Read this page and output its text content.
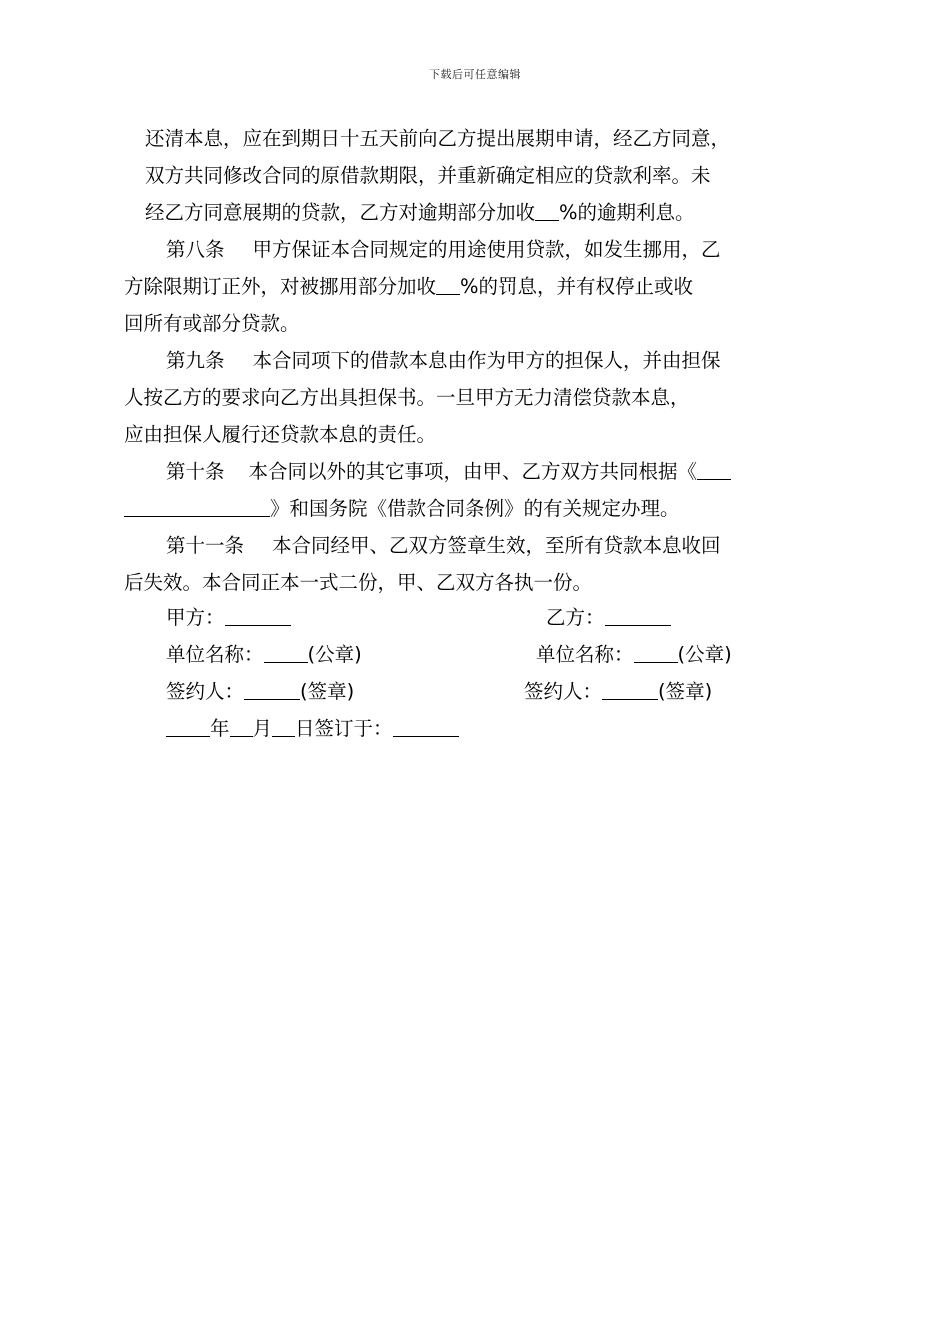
下载后可任意编辑

还清本息，应在到期日十五天前向乙方提出展期申请，经乙方同意，
双方共同修改合同的原借款期限，并重新确定相应的贷款利率。未
经乙方同意展期的贷款，乙方对逾期部分加收 %的逾期利息。

第八条 甲方保证本合同规定的用途使用贷款，如发生挪用，乙
方除限期订正外，对被挪用部分加收 %的罚息，并有权停止或收
回所有或部分贷款。

第九条 本合同项下的借款本息由作为甲方的担保人，并由担保
人按乙方的要求向乙方出具担保书。一旦甲方无力清偿贷款本息，
应由担保人履行还贷款本息的责任。

第十条 本合同以外的其它事项，由甲、乙方双方共同根据《
》和国务院《借款合同条例》的有关规定办理。

第十一条 本合同经甲、乙双方签章生效，至所有贷款本息收回
后失效。本合同正本一式二份，甲、乙双方各执一份。

甲方：	乙方：
单位名称： (公章)	单位名称： (公章)
签约人：	(签章)	签约人：	(签章)
年 月 日签订于：
